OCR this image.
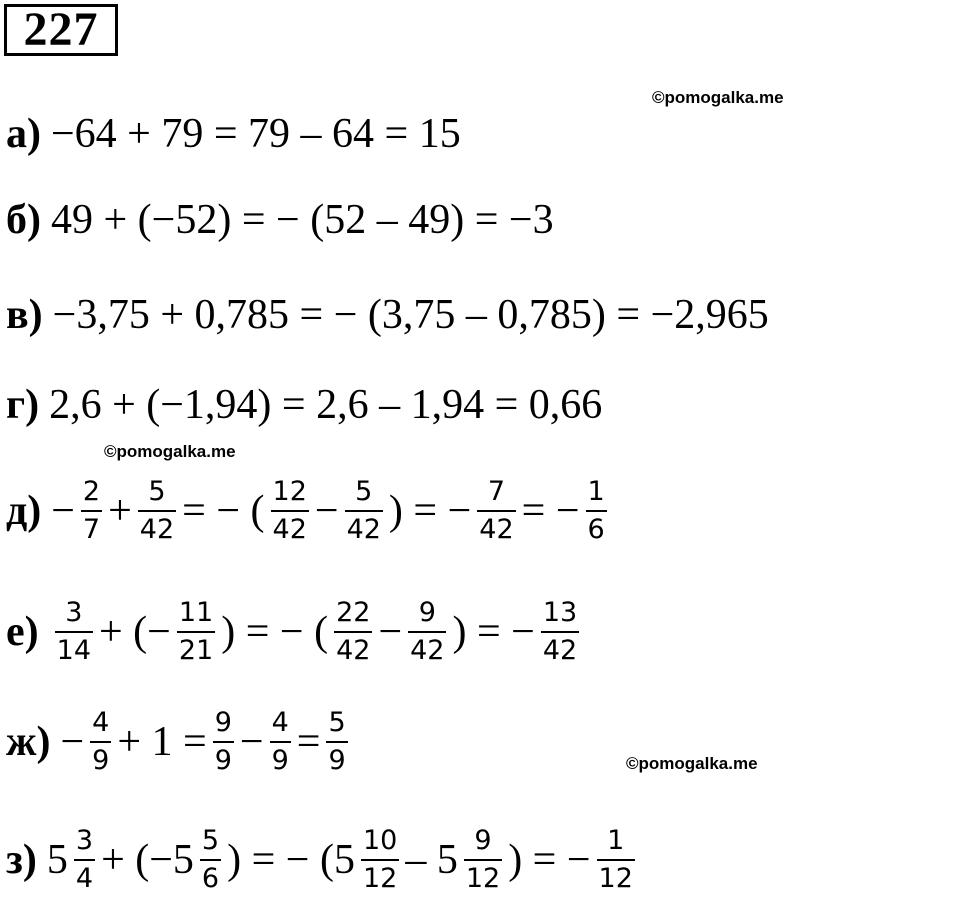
227
©pomogalka.me
©pomogalka.me
©pomogalka.me
а) −64 + 79 = 79 – 64 = 15
б) 49 + (−52) = − (52 – 49) = −3
в) −3,75 + 0,785 = − (3,75 – 0,785) = −2,965
г) 2,6 + (−1,94) = 2,6 – 1,94 = 0,66
$д) - \frac{2}{7} + \frac{5}{42}$ = − ( $\frac{12}{42} - \frac{5}{42}$ ) = − $\frac{7}{42}$ = − $\frac{1}{6}$
$е) \frac{3}{14}$ + (− $\frac{11}{21}$ ) = − ( $\frac{22}{42} - \frac{9}{42}$ ) = − $\frac{13}{42}$
$ж) - \frac{4}{9} + 1 = \frac{9}{9} - \frac{4}{9} = \frac{5}{9}$
з) $5 \frac{3}{4} + (-5 \frac{5}{6}$ ) = − ($5 \frac{10}{12} - 5 \frac{9}{12}$ ) = − $\frac{1}{12}$
